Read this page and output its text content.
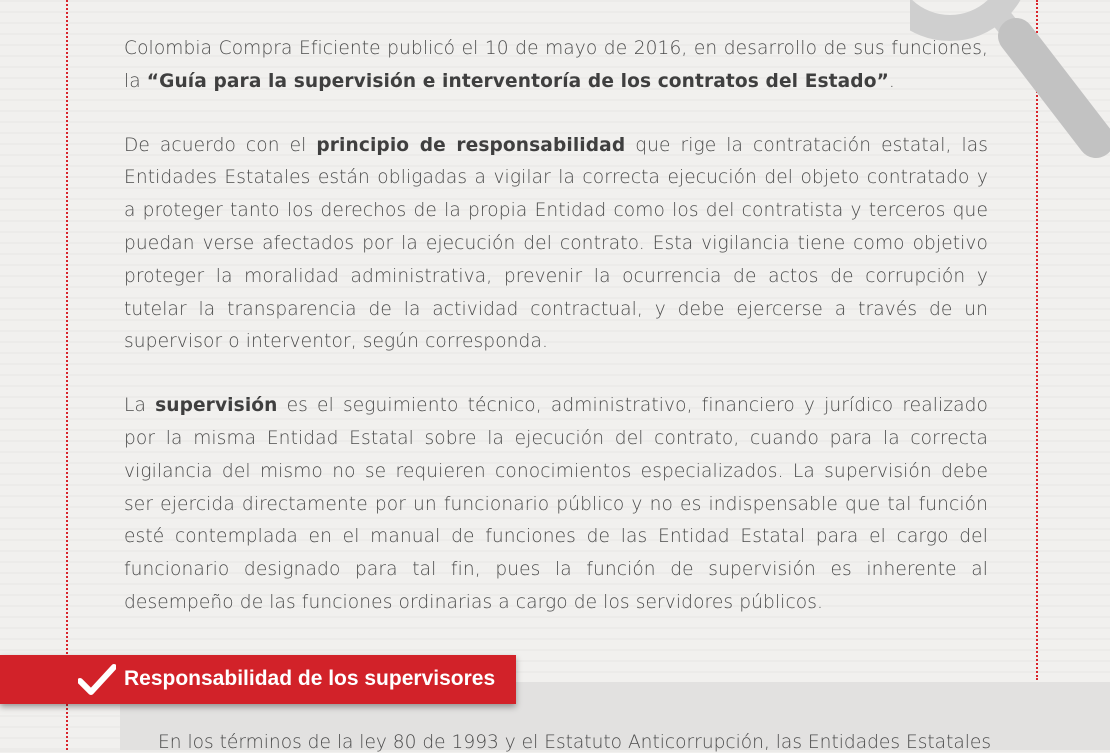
Colombia Compra Eficiente publicó el 10 de mayo de 2016, en desarrollo de sus funciones, la “Guía para la supervisión e interventoría de los contratos del Estado”.

De acuerdo con el principio de responsabilidad que rige la contratación estatal, las Entidades Estatales están obligadas a vigilar la correcta ejecución del objeto contratado y a proteger tanto los derechos de la propia Entidad como los del contratista y terceros que puedan verse afectados por la ejecución del contrato. Esta vigilancia tiene como objetivo proteger la moralidad administrativa, prevenir la ocurrencia de actos de corrupción y tutelar la transparencia de la actividad contractual, y debe ejercerse a través de un supervisor o interventor, según corresponda.

La supervisión es el seguimiento técnico, administrativo, financiero y jurídico realizado por la misma Entidad Estatal sobre la ejecución del contrato, cuando para la correcta vigilancia del mismo no se requieren conocimientos especializados. La supervisión debe ser ejercida directamente por un funcionario público y no es indispensable que tal función esté contemplada en el manual de funciones de las Entidad Estatal para el cargo del funcionario designado para tal fin, pues la función de supervisión es inherente al desempeño de las funciones ordinarias a cargo de los servidores públicos.

En los términos de la ley 80 de 1993 y el Estatuto Anticorrupción, las Entidades Estatales
Responsabilidad de los supervisores
